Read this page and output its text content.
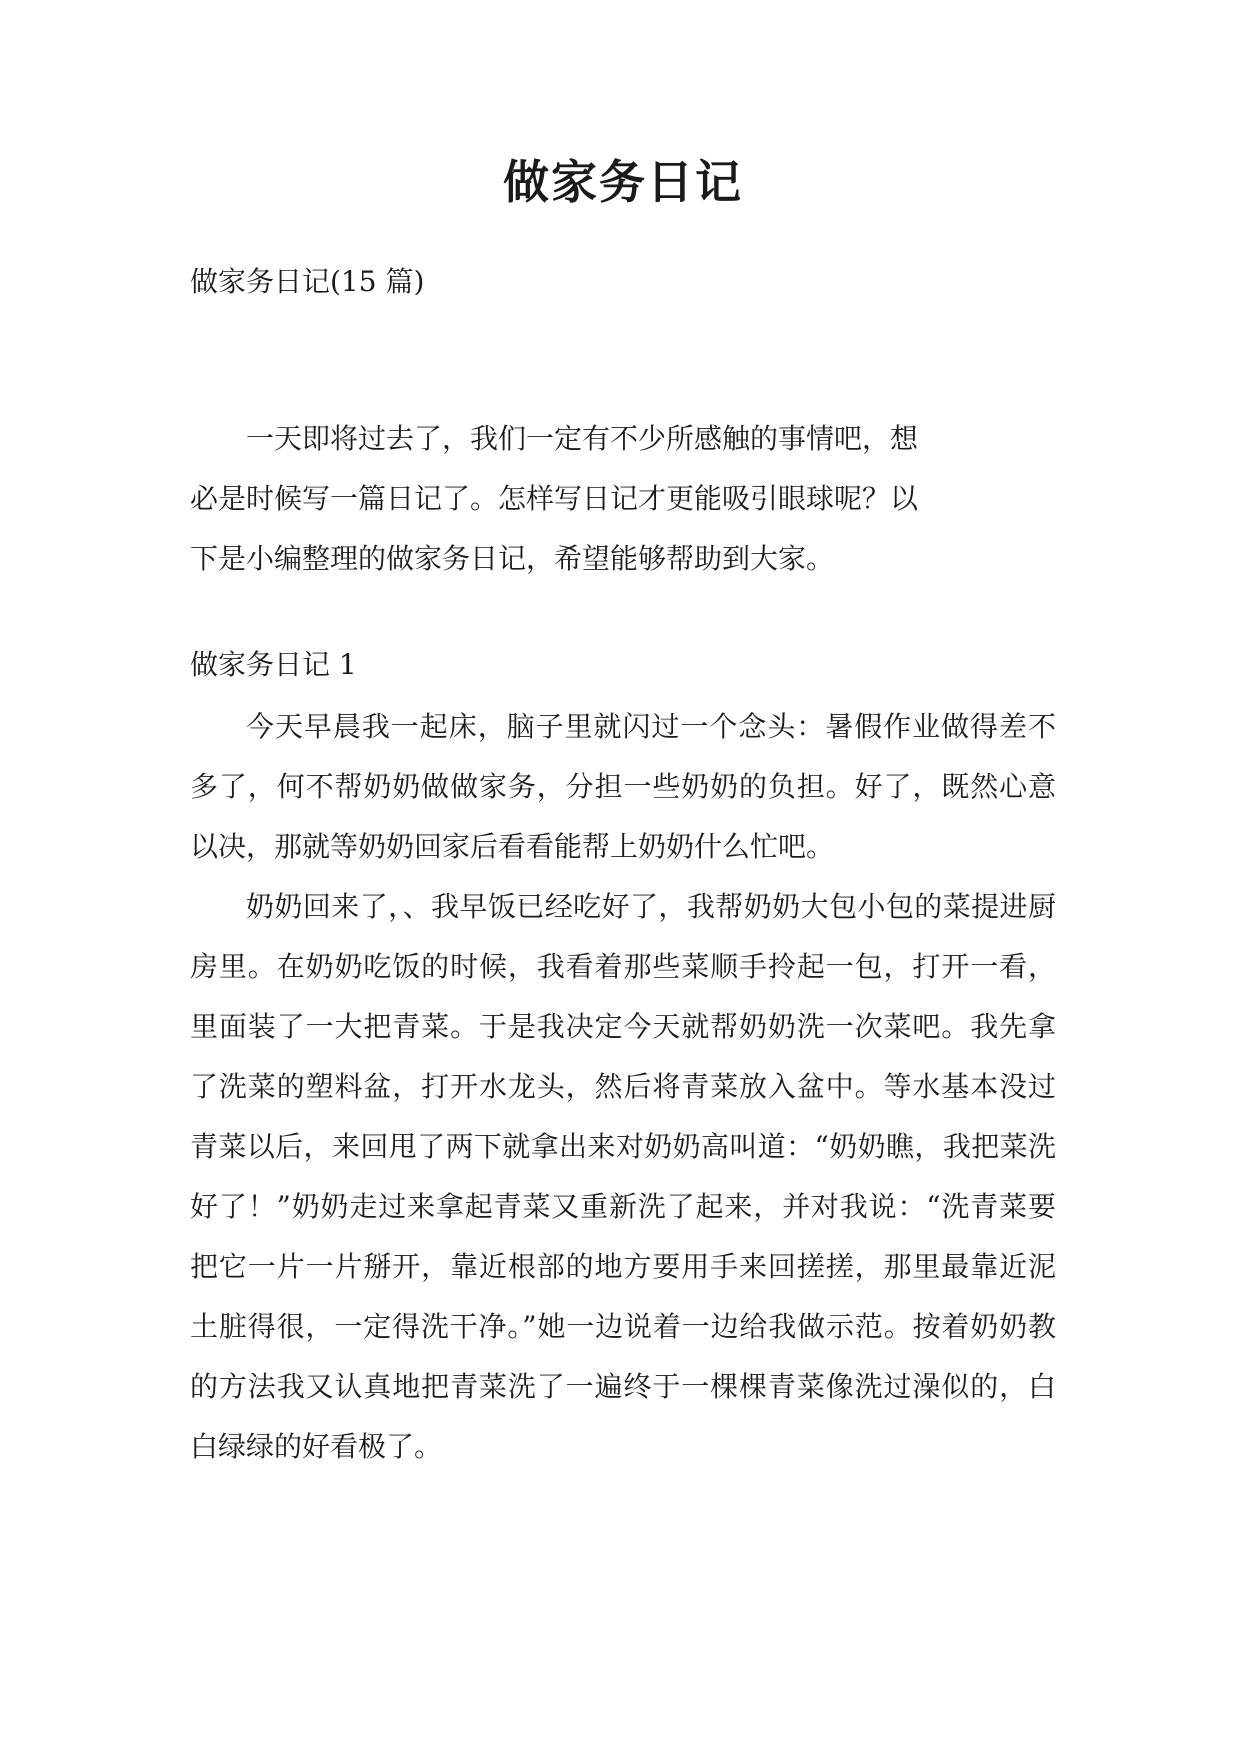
做家务日记

做家务日记(15 篇)

一天即将过去了，我们一定有不少所感触的事情吧，想
必是时候写一篇日记了。怎样写日记才更能吸引眼球呢？以
下是小编整理的做家务日记，希望能够帮助到大家。

做家务日记 1

今天早晨我一起床，脑子里就闪过一个念头：暑假作业做得差不多了，何不帮奶奶做做家务，分担一些奶奶的负担。好了，既然心意以决，那就等奶奶回家后看看能帮上奶奶什么忙吧。

奶奶回来了，、我早饭已经吃好了，我帮奶奶大包小包的菜提进厨房里。在奶奶吃饭的时候，我看着那些菜顺手拎起一包，打开一看，里面装了一大把青菜。于是我决定今天就帮奶奶洗一次菜吧。我先拿了洗菜的塑料盆，打开水龙头，然后将青菜放入盆中。等水基本没过青菜以后，来回甩了两下就拿出来对奶奶高叫道：“奶奶瞧，我把菜洗好了！”奶奶走过来拿起青菜又重新洗了起来，并对我说：“洗青菜要把它一片一片掰开，靠近根部的地方要用手来回搓搓，那里最靠近泥土脏得很，一定得洗干净。”她一边说着一边给我做示范。按着奶奶教的方法我又认真地把青菜洗了一遍终于一棵棵青菜像洗过澡似的，白白绿绿的好看极了。
